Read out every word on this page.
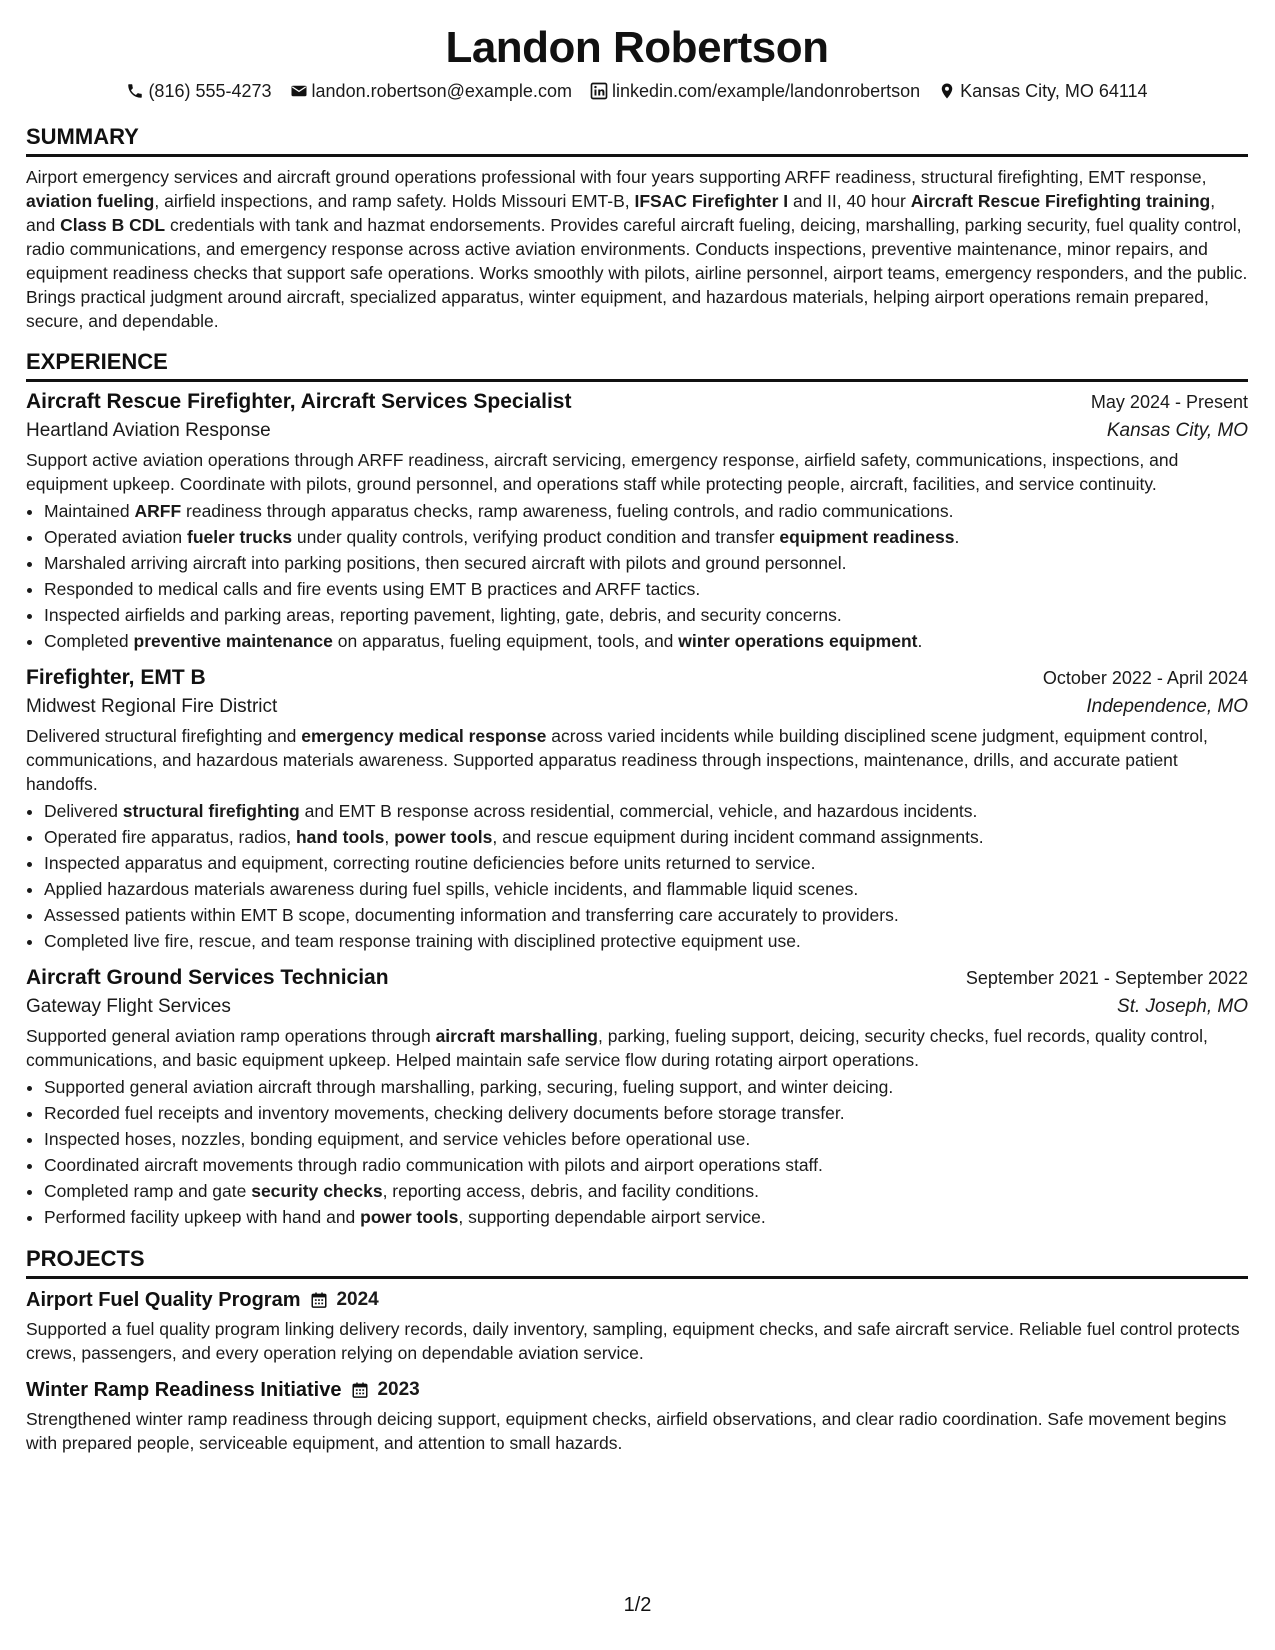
Landon Robertson
(816) 555-4273 landon.robertson@example.com linkedin.com/example/landonrobertson Kansas City, MO 64114
SUMMARY
Airport emergency services and aircraft ground operations professional with four years supporting ARFF readiness, structural firefighting, EMT response, aviation fueling, airfield inspections, and ramp safety. Holds Missouri EMT-B, IFSAC Firefighter I and II, 40 hour Aircraft Rescue Firefighting training, and Class B CDL credentials with tank and hazmat endorsements. Provides careful aircraft fueling, deicing, marshalling, parking security, fuel quality control, radio communications, and emergency response across active aviation environments. Conducts inspections, preventive maintenance, minor repairs, and equipment readiness checks that support safe operations. Works smoothly with pilots, airline personnel, airport teams, emergency responders, and the public. Brings practical judgment around aircraft, specialized apparatus, winter equipment, and hazardous materials, helping airport operations remain prepared, secure, and dependable.
EXPERIENCE
Aircraft Rescue Firefighter, Aircraft Services Specialist	May 2024 - Present
Heartland Aviation Response	Kansas City, MO
Support active aviation operations through ARFF readiness, aircraft servicing, emergency response, airfield safety, communications, inspections, and equipment upkeep. Coordinate with pilots, ground personnel, and operations staff while protecting people, aircraft, facilities, and service continuity.
• Maintained ARFF readiness through apparatus checks, ramp awareness, fueling controls, and radio communications.
• Operated aviation fueler trucks under quality controls, verifying product condition and transfer equipment readiness.
• Marshaled arriving aircraft into parking positions, then secured aircraft with pilots and ground personnel.
• Responded to medical calls and fire events using EMT B practices and ARFF tactics.
• Inspected airfields and parking areas, reporting pavement, lighting, gate, debris, and security concerns.
• Completed preventive maintenance on apparatus, fueling equipment, tools, and winter operations equipment.
Firefighter, EMT B	October 2022 - April 2024
Midwest Regional Fire District	Independence, MO
Delivered structural firefighting and emergency medical response across varied incidents while building disciplined scene judgment, equipment control, communications, and hazardous materials awareness. Supported apparatus readiness through inspections, maintenance, drills, and accurate patient handoffs.
• Delivered structural firefighting and EMT B response across residential, commercial, vehicle, and hazardous incidents.
• Operated fire apparatus, radios, hand tools, power tools, and rescue equipment during incident command assignments.
• Inspected apparatus and equipment, correcting routine deficiencies before units returned to service.
• Applied hazardous materials awareness during fuel spills, vehicle incidents, and flammable liquid scenes.
• Assessed patients within EMT B scope, documenting information and transferring care accurately to providers.
• Completed live fire, rescue, and team response training with disciplined protective equipment use.
Aircraft Ground Services Technician	September 2021 - September 2022
Gateway Flight Services	St. Joseph, MO
Supported general aviation ramp operations through aircraft marshalling, parking, fueling support, deicing, security checks, fuel records, quality control, communications, and basic equipment upkeep. Helped maintain safe service flow during rotating airport operations.
• Supported general aviation aircraft through marshalling, parking, securing, fueling support, and winter deicing.
• Recorded fuel receipts and inventory movements, checking delivery documents before storage transfer.
• Inspected hoses, nozzles, bonding equipment, and service vehicles before operational use.
• Coordinated aircraft movements through radio communication with pilots and airport operations staff.
• Completed ramp and gate security checks, reporting access, debris, and facility conditions.
• Performed facility upkeep with hand and power tools, supporting dependable airport service.
PROJECTS
Airport Fuel Quality Program 2024
Supported a fuel quality program linking delivery records, daily inventory, sampling, equipment checks, and safe aircraft service. Reliable fuel control protects crews, passengers, and every operation relying on dependable aviation service.
Winter Ramp Readiness Initiative 2023
Strengthened winter ramp readiness through deicing support, equipment checks, airfield observations, and clear radio coordination. Safe movement begins with prepared people, serviceable equipment, and attention to small hazards.
1/2
